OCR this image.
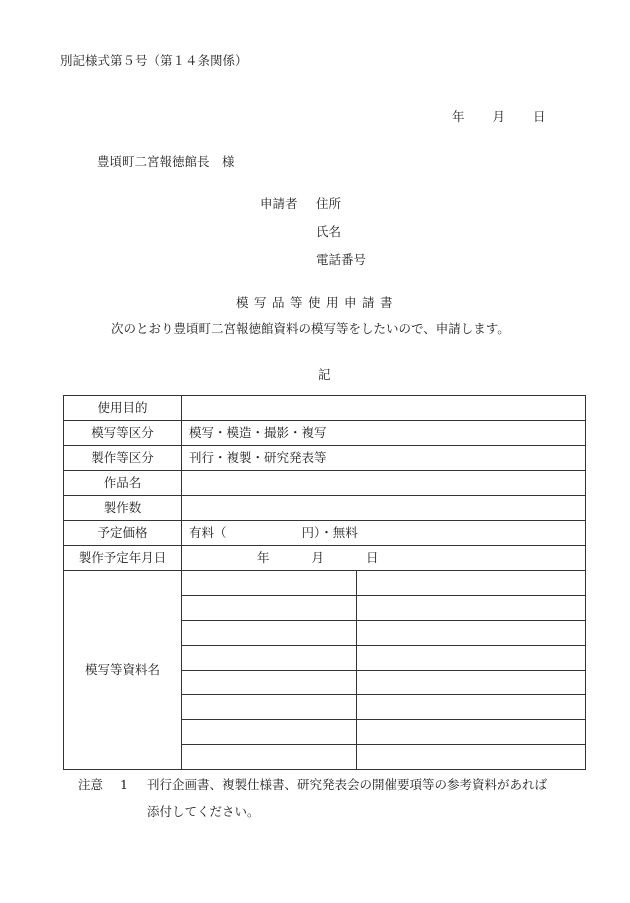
別記様式第５号（第１４条関係）
年 月 日
豊頃町二宮報徳館長　様
申請者 住所
氏名
電話番号
模写品等使用申請書
次のとおり豊頃町二宮報徳館資料の模写等をしたいので、申請します。
記
使用目的		
模写等区分	模写・模造・撮影・複写	
製作等区分	刊行・複製・研究発表等	
作品名		
製作数		
予定価格	有料（　　　　　　円）・無料	
製作予定年月日	年 月 日	
模写等資料名		

注意 1 刊行企画書、複製仕様書、研究発表会の開催要項等の参考資料があれば
添付してください。
